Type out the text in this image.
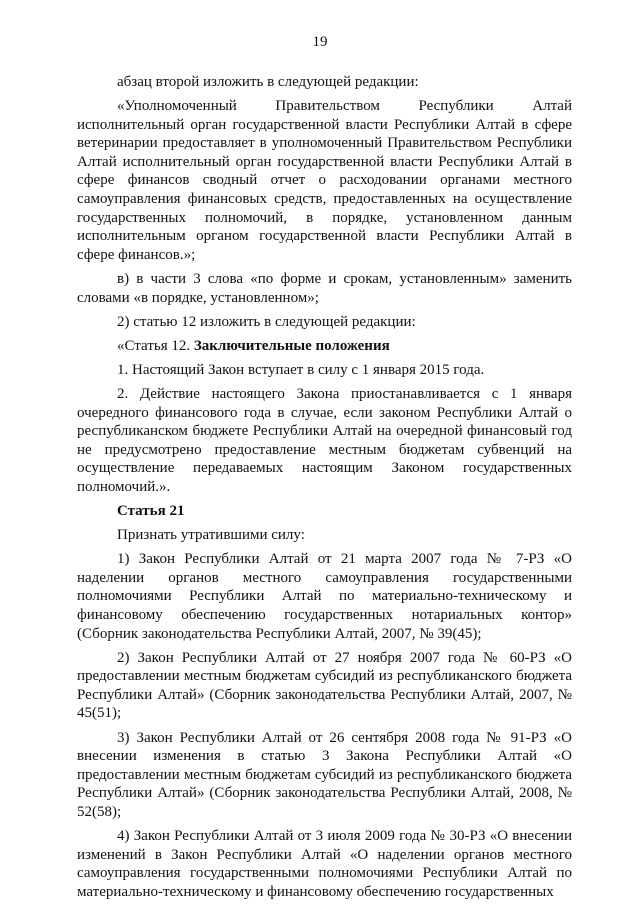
19

абзац второй изложить в следующей редакции:

«Уполномоченный Правительством Республики Алтай исполнительный орган государственной власти Республики Алтай в сфере ветеринарии предоставляет в уполномоченный Правительством Республики Алтай исполнительный орган государственной власти Республики Алтай в сфере финансов сводный отчет о расходовании органами местного самоуправления финансовых средств, предоставленных на осуществление государственных полномочий, в порядке, установленном данным исполнительным органом государственной власти Республики Алтай в сфере финансов.»;

в) в части 3 слова «по форме и срокам, установленным» заменить словами «в порядке, установленном»;

2) статью 12 изложить в следующей редакции:

«Статья 12. Заключительные положения

1. Настоящий Закон вступает в силу с 1 января 2015 года.

2. Действие настоящего Закона приостанавливается с 1 января очередного финансового года в случае, если законом Республики Алтай о республиканском бюджете Республики Алтай на очередной финансовый год не предусмотрено предоставление местным бюджетам субвенций на осуществление передаваемых настоящим Законом государственных полномочий.».

Статья 21

Признать утратившими силу:

1) Закон Республики Алтай от 21 марта 2007 года № 7-РЗ «О наделении органов местного самоуправления государственными полномочиями Республики Алтай по материально-техническому и финансовому обеспечению государственных нотариальных контор» (Сборник законодательства Республики Алтай, 2007, № 39(45);

2) Закон Республики Алтай от 27 ноября 2007 года № 60-РЗ «О предоставлении местным бюджетам субсидий из республиканского бюджета Республики Алтай» (Сборник законодательства Республики Алтай, 2007, № 45(51);

3) Закон Республики Алтай от 26 сентября 2008 года № 91-РЗ «О внесении изменения в статью 3 Закона Республики Алтай «О предоставлении местным бюджетам субсидий из республиканского бюджета Республики Алтай» (Сборник законодательства Республики Алтай, 2008, № 52(58);

4) Закон Республики Алтай от 3 июля 2009 года № 30-РЗ «О внесении изменений в Закон Республики Алтай «О наделении органов местного самоуправления государственными полномочиями Республики Алтай по материально-техническому и финансовому обеспечению государственных
